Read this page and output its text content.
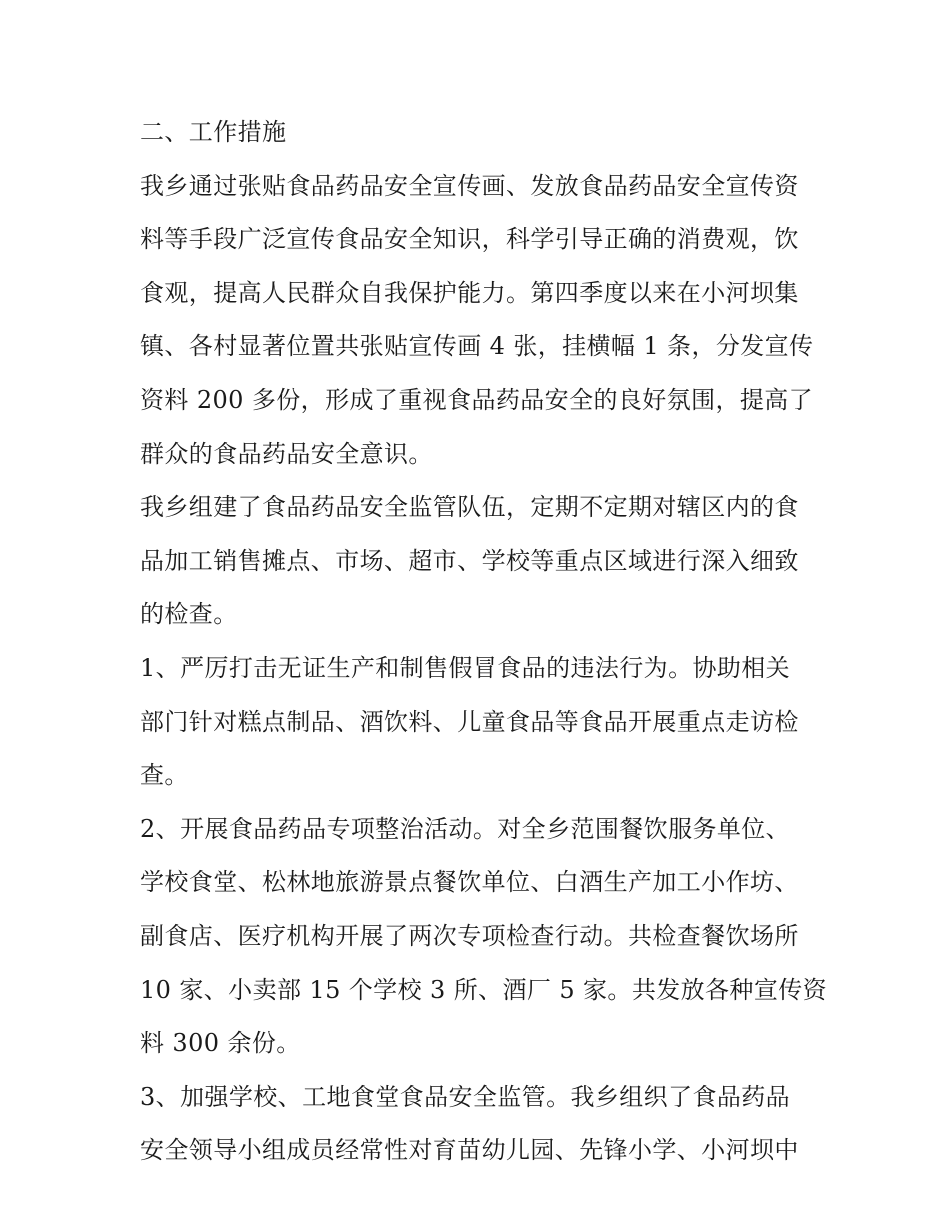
二、工作措施
我乡通过张贴食品药品安全宣传画、发放食品药品安全宣传资
料等手段广泛宣传食品安全知识，科学引导正确的消费观，饮
食观，提高人民群众自我保护能力。第四季度以来在小河坝集
镇、各村显著位置共张贴宣传画 4 张，挂横幅 1 条，分发宣传
资料 200 多份，形成了重视食品药品安全的良好氛围，提高了
群众的食品药品安全意识。
我乡组建了食品药品安全监管队伍，定期不定期对辖区内的食
品加工销售摊点、市场、超市、学校等重点区域进行深入细致
的检查。
1、严厉打击无证生产和制售假冒食品的违法行为。协助相关
部门针对糕点制品、酒饮料、儿童食品等食品开展重点走访检
查。
2、开展食品药品专项整治活动。对全乡范围餐饮服务单位、
学校食堂、松林地旅游景点餐饮单位、白酒生产加工小作坊、
副食店、医疗机构开展了两次专项检查行动。共检查餐饮场所
10 家、小卖部 15 个学校 3 所、酒厂 5 家。共发放各种宣传资
料 300 余份。
3、加强学校、工地食堂食品安全监管。我乡组织了食品药品
安全领导小组成员经常性对育苗幼儿园、先锋小学、小河坝中
